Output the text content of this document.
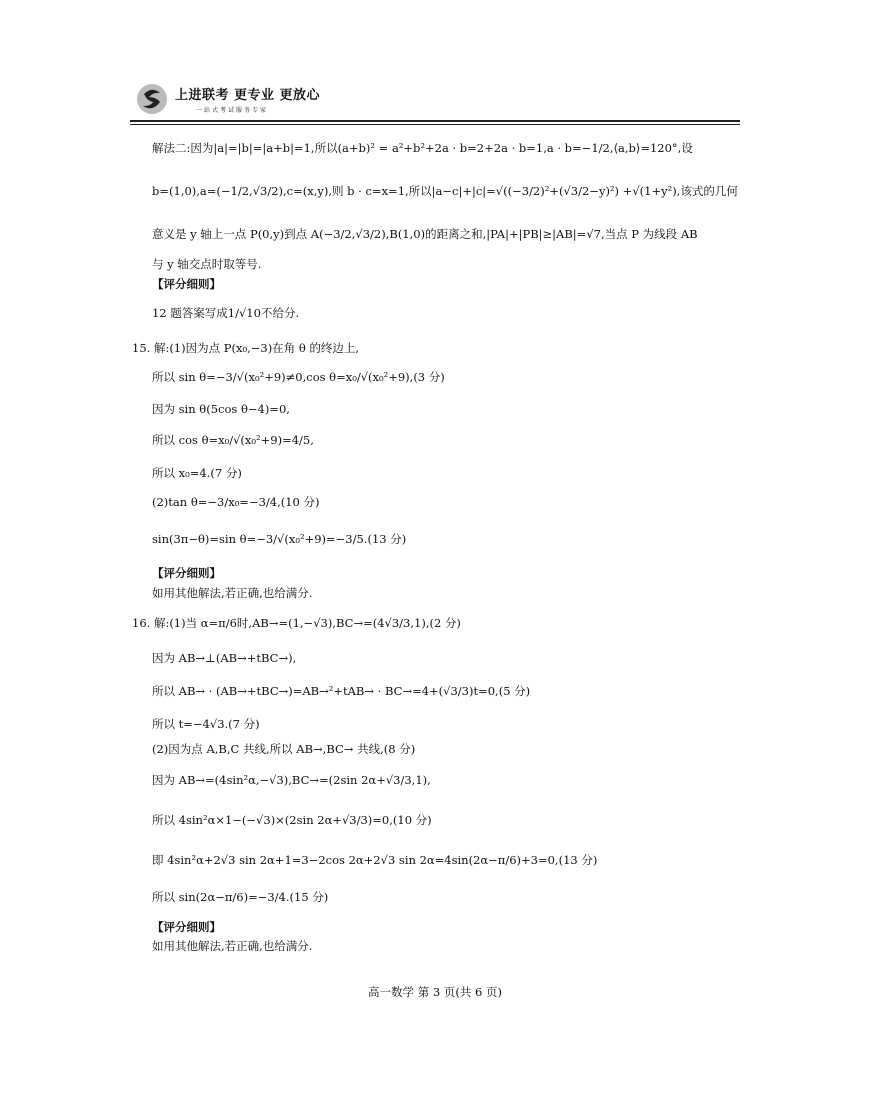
上进联考 更专业 更放心
一站式考试服务专家
解法二:因为|a|=|b|=|a+b|=1,所以(a+b)² = a²+b²+2a · b=2+2a · b=1,a · b=−1/2,⟨a,b⟩=120°,设
b=(1,0),a=(−1/2,√3/2),c=(x,y),则 b · c=x=1,所以|a−c|+|c|=√((−3/2)²+(√3/2−y)²) +√(1+y²),该式的几何
意义是 y 轴上一点 P(0,y)到点 A(−3/2,√3/2),B(1,0)的距离之和,|PA|+|PB|≥|AB|=√7,当点 P 为线段 AB
与 y 轴交点时取等号.
【评分细则】
12 题答案写成1/√10不给分.
15. 解:(1)因为点 P(x₀,−3)在角 θ 的终边上,
所以 sin θ=−3/√(x₀²+9)≠0,cos θ=x₀/√(x₀²+9),(3 分)
因为 sin θ(5cos θ−4)=0,
所以 cos θ=x₀/√(x₀²+9)=4/5,
所以 x₀=4.(7 分)
(2)tan θ=−3/x₀=−3/4,(10 分)
sin(3π−θ)=sin θ=−3/√(x₀²+9)=−3/5.(13 分)
【评分细则】
如用其他解法,若正确,也给满分.
16. 解:(1)当 α=π/6时,AB→=(1,−√3),BC→=(4√3/3,1),(2 分)
因为 AB→⊥(AB→+tBC→),
所以 AB→ · (AB→+tBC→)=AB→²+tAB→ · BC→=4+(√3/3)t=0,(5 分)
所以 t=−4√3.(7 分)
(2)因为点 A,B,C 共线,所以 AB→,BC→ 共线,(8 分)
因为 AB→=(4sin²α,−√3),BC→=(2sin 2α+√3/3,1),
所以 4sin²α×1−(−√3)×(2sin 2α+√3/3)=0,(10 分)
即 4sin²α+2√3 sin 2α+1=3−2cos 2α+2√3 sin 2α=4sin(2α−π/6)+3=0,(13 分)
所以 sin(2α−π/6)=−3/4.(15 分)
【评分细则】
如用其他解法,若正确,也给满分.
高一数学 第 3 页(共 6 页)
